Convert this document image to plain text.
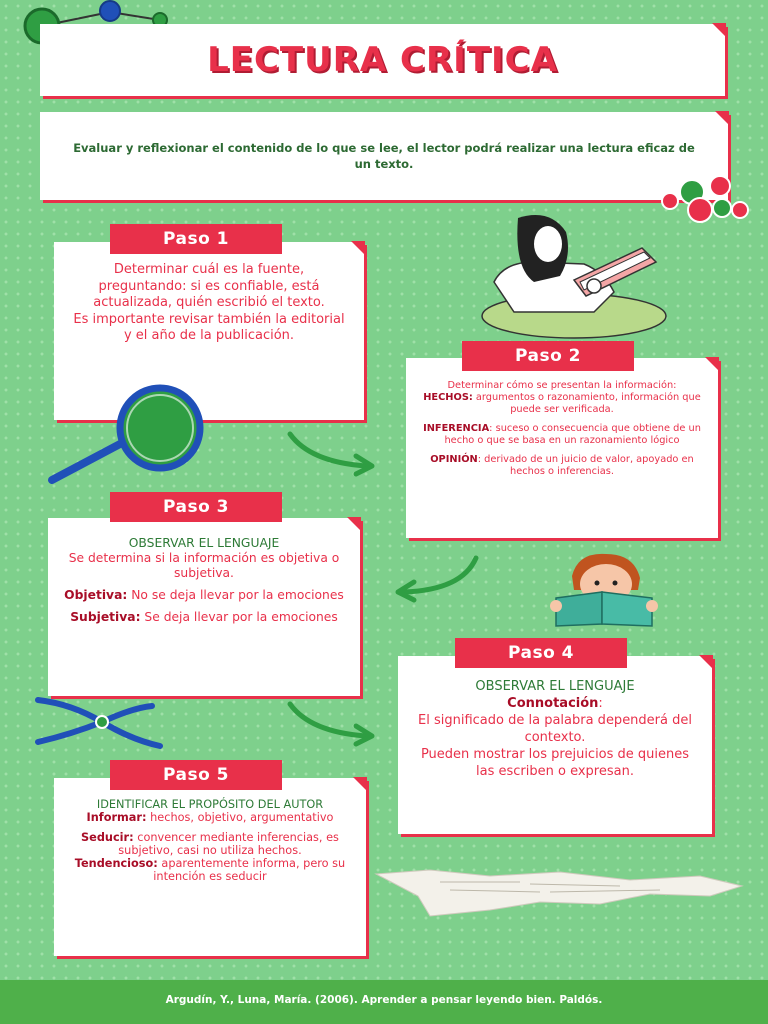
LECTURA CRÍTICA
Evaluar y reflexionar el contenido de lo que se lee, el lector podrá realizar una lectura eficaz de un texto.
Determinar cuál es la fuente, preguntando: si es confiable, está actualizada, quién escribió el texto.
Es importante revisar también la editorial y el año de la publicación.
Paso 1
Determinar cómo se presentan la información:
HECHOS: argumentos o razonamiento, información que puede ser verificada.
INFERENCIA: suceso o consecuencia que obtiene de un hecho o que se basa en un razonamiento lógico
OPINIÓN: derivado de un juicio de valor, apoyado en hechos o inferencias.
Paso 2
OBSERVAR EL LENGUAJE
Se determina si la información es objetiva o subjetiva.
Objetiva: No se deja llevar por la emociones
Subjetiva: Se deja llevar por la emociones
Paso 3
OBSERVAR EL LENGUAJE
Connotación:
El significado de la palabra dependerá del contexto.
Pueden mostrar los prejuicios de quienes las escriben o expresan.
Paso 4
IDENTIFICAR EL PROPÓSITO DEL AUTOR
Informar: hechos, objetivo, argumentativo
Seducir: convencer mediante inferencias, es subjetivo, casi no utiliza hechos.
Tendencioso: aparentemente informa, pero su intención es seducir
Paso 5
Argudín, Y., Luna, María. (2006). Aprender a pensar leyendo bien. Paldós.
